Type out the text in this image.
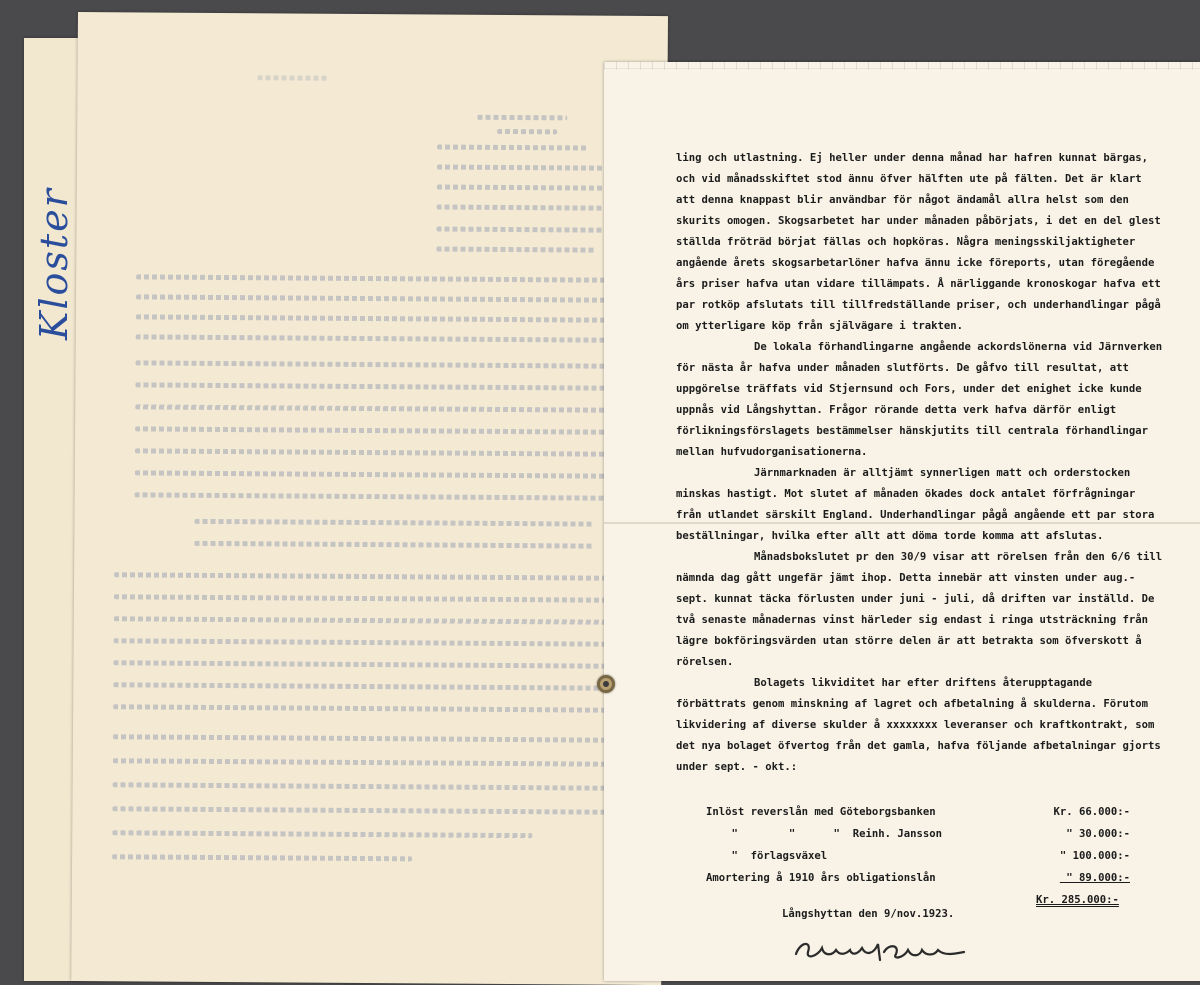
Kloster

ling och utlastning. Ej heller under denna månad har hafren kunnat bärgas, och vid månadsskiftet stod ännu öfver hälften ute på fälten. Det är klart att denna knappast blir användbar för något ändamål allra helst som den skurits omogen. Skogsarbetet har under månaden påbörjats, i det en del glest ställda fröträd börjat fällas och hopköras. Några meningsskiljaktigheter angående årets skogsarbetarlöner hafva ännu icke föreports, utan föregående års priser hafva utan vidare tillämpats. Å närliggande kronoskogar hafva ett par rotköp afslutats till tillfredställande priser, och underhandlingar pågå om ytterligare köp från självägare i trakten.

De lokala förhandlingarne angående ackordslönerna vid Järnverken för nästa år hafva under månaden slutförts. De gåfvo till resultat, att uppgörelse träffats vid Stjernsund och Fors, under det enighet icke kunde uppnås vid Långshyttan. Frågor rörande detta verk hafva därför enligt förlikningsförslagets bestämmelser hänskjutits till centrala förhandlingar mellan hufvudorganisationerna.

Järnmarknaden är alltjämt synnerligen matt och orderstocken minskas hastigt. Mot slutet af månaden ökades dock antalet förfrågningar från utlandet särskilt England. Underhandlingar pågå angående ett par stora beställningar, hvilka efter allt att döma torde komma att afslutas.

Månadsbokslutet pr den 30/9 visar att rörelsen från den 6/6 till nämnda dag gått ungefär jämt ihop. Detta innebär att vinsten under aug.- sept. kunnat täcka förlusten under juni - juli, då driften var inställd. De två senaste månadernas vinst härleder sig endast i ringa utsträckning från lägre bokföringsvärden utan större delen är att betrakta som öfverskott å rörelsen.

Bolagets likviditet har efter driftens återupptagande förbättrats genom minskning af lagret och afbetalning å skulderna. Förutom likvidering af diverse skulder å xxxxxxxx leveranser och kraftkontrakt, som det nya bolaget öfvertog från det gamla, hafva följande afbetalningar gjorts under sept. - okt.:

Inlöst reverslån med Göteborgsbanken	Kr. 66.000:-
"        "      "  Reinh. Jansson	" 30.000:-
"  förlagsväxel	" 100.000:-
Amortering å 1910 års obligationslån	" 89.000:-
Kr. 285.000:-
Långshyttan den 9/nov.1923.
